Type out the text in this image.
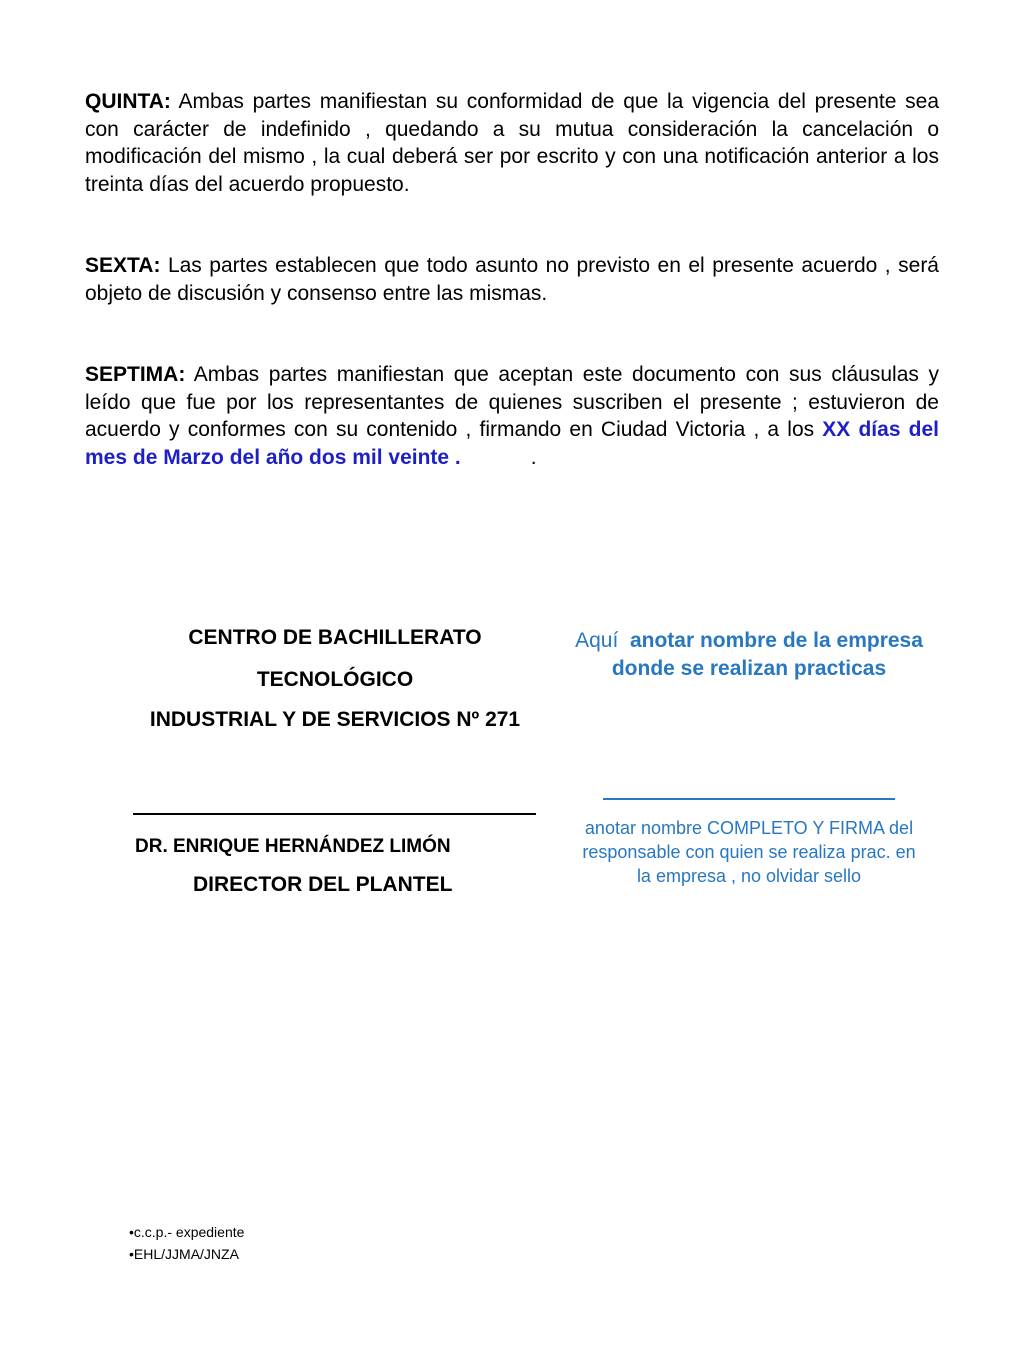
QUINTA: Ambas partes manifiestan su conformidad de que la vigencia del presente sea con carácter de indefinido , quedando a su mutua consideración la cancelación o modificación del mismo , la cual deberá ser por escrito y con una notificación anterior a los treinta días del acuerdo propuesto.

SEXTA: Las partes establecen que todo asunto no previsto en el presente acuerdo , será objeto de discusión y consenso entre las mismas.

SEPTIMA: Ambas partes manifiestan que aceptan este documento con sus cláusulas y leído que fue por los representantes de quienes suscriben el presente ; estuvieron de acuerdo y conformes con su contenido , firmando en Ciudad Victoria , a los XX días del mes de Marzo del año dos mil veinte .	.

CENTRO DE BACHILLERATO
TECNOLÓGICO
INDUSTRIAL Y DE SERVICIOS Nº 271
DR. ENRIQUE HERNÁNDEZ LIMÓN
DIRECTOR DEL PLANTEL
Aquí anotar nombre de la empresa
donde se realizan practicas
anotar nombre COMPLETO Y FIRMA del
responsable con quien se realiza prac. en
la empresa , no olvidar sello
•c.c.p.- expediente
•EHL/JJMA/JNZA
